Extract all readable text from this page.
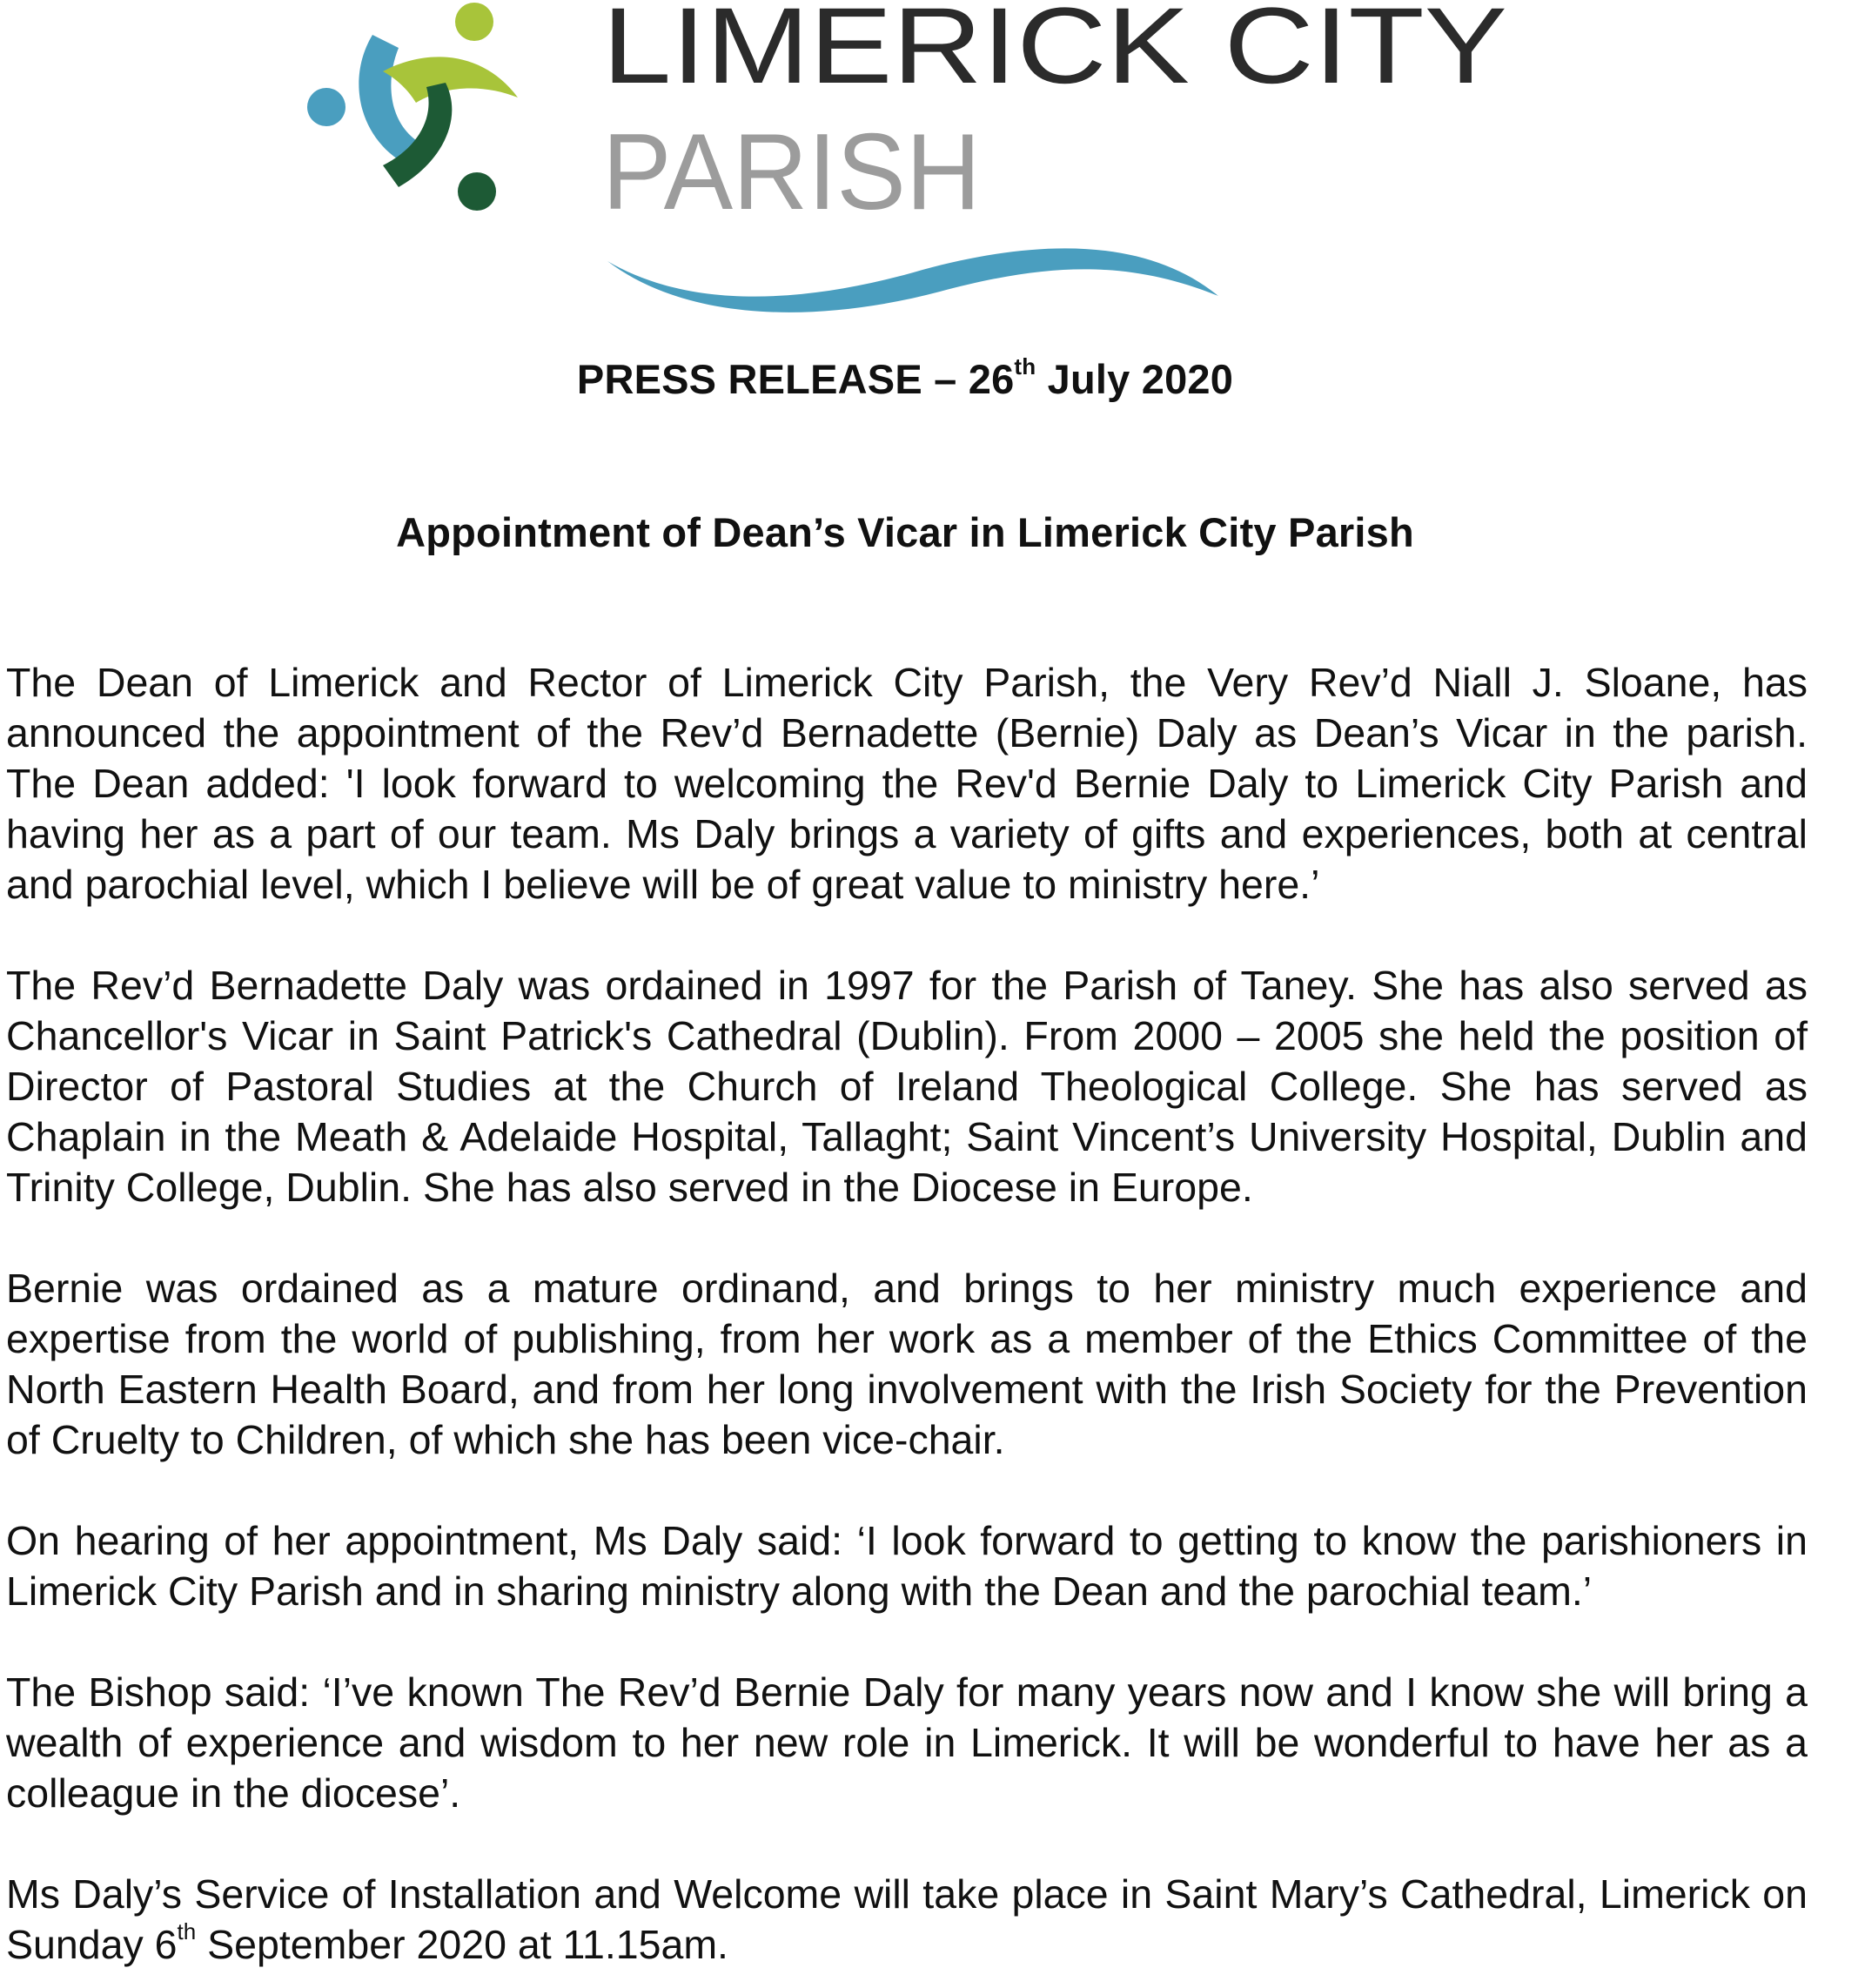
LIMERICK CITY
PARISH
PRESS RELEASE – 26th July 2020
Appointment of Dean’s Vicar in Limerick City Parish

The Dean of Limerick and Rector of Limerick City Parish, the Very Rev’d Niall J. Sloane, has announced the appointment of the Rev’d Bernadette (Bernie) Daly as Dean’s Vicar in the parish. The Dean added: 'I look forward to welcoming the Rev'd Bernie Daly to Limerick City Parish and having her as a part of our team. Ms Daly brings a variety of gifts and experiences, both at central and parochial level, which I believe will be of great value to ministry here.’

The Rev’d Bernadette Daly was ordained in 1997 for the Parish of Taney. She has also served as Chancellor's Vicar in Saint Patrick's Cathedral (Dublin). From 2000 – 2005 she held the position of Director of Pastoral Studies at the Church of Ireland Theological College. She has served as Chaplain in the Meath & Adelaide Hospital, Tallaght; Saint Vincent’s University Hospital, Dublin and Trinity College, Dublin. She has also served in the Diocese in Europe.

Bernie was ordained as a mature ordinand, and brings to her ministry much experience and expertise from the world of publishing, from her work as a member of the Ethics Committee of the North Eastern Health Board, and from her long involvement with the Irish Society for the Prevention of Cruelty to Children, of which she has been vice-chair.

On hearing of her appointment, Ms Daly said: ‘I look forward to getting to know the parishioners in Limerick City Parish and in sharing ministry along with the Dean and the parochial team.’

The Bishop said: ‘I’ve known The Rev’d Bernie Daly for many years now and I know she will bring a wealth of experience and wisdom to her new role in Limerick. It will be wonderful to have her as a colleague in the diocese’.

Ms Daly’s Service of Installation and Welcome will take place in Saint Mary’s Cathedral, Limerick on Sunday 6th September 2020 at 11.15am.
